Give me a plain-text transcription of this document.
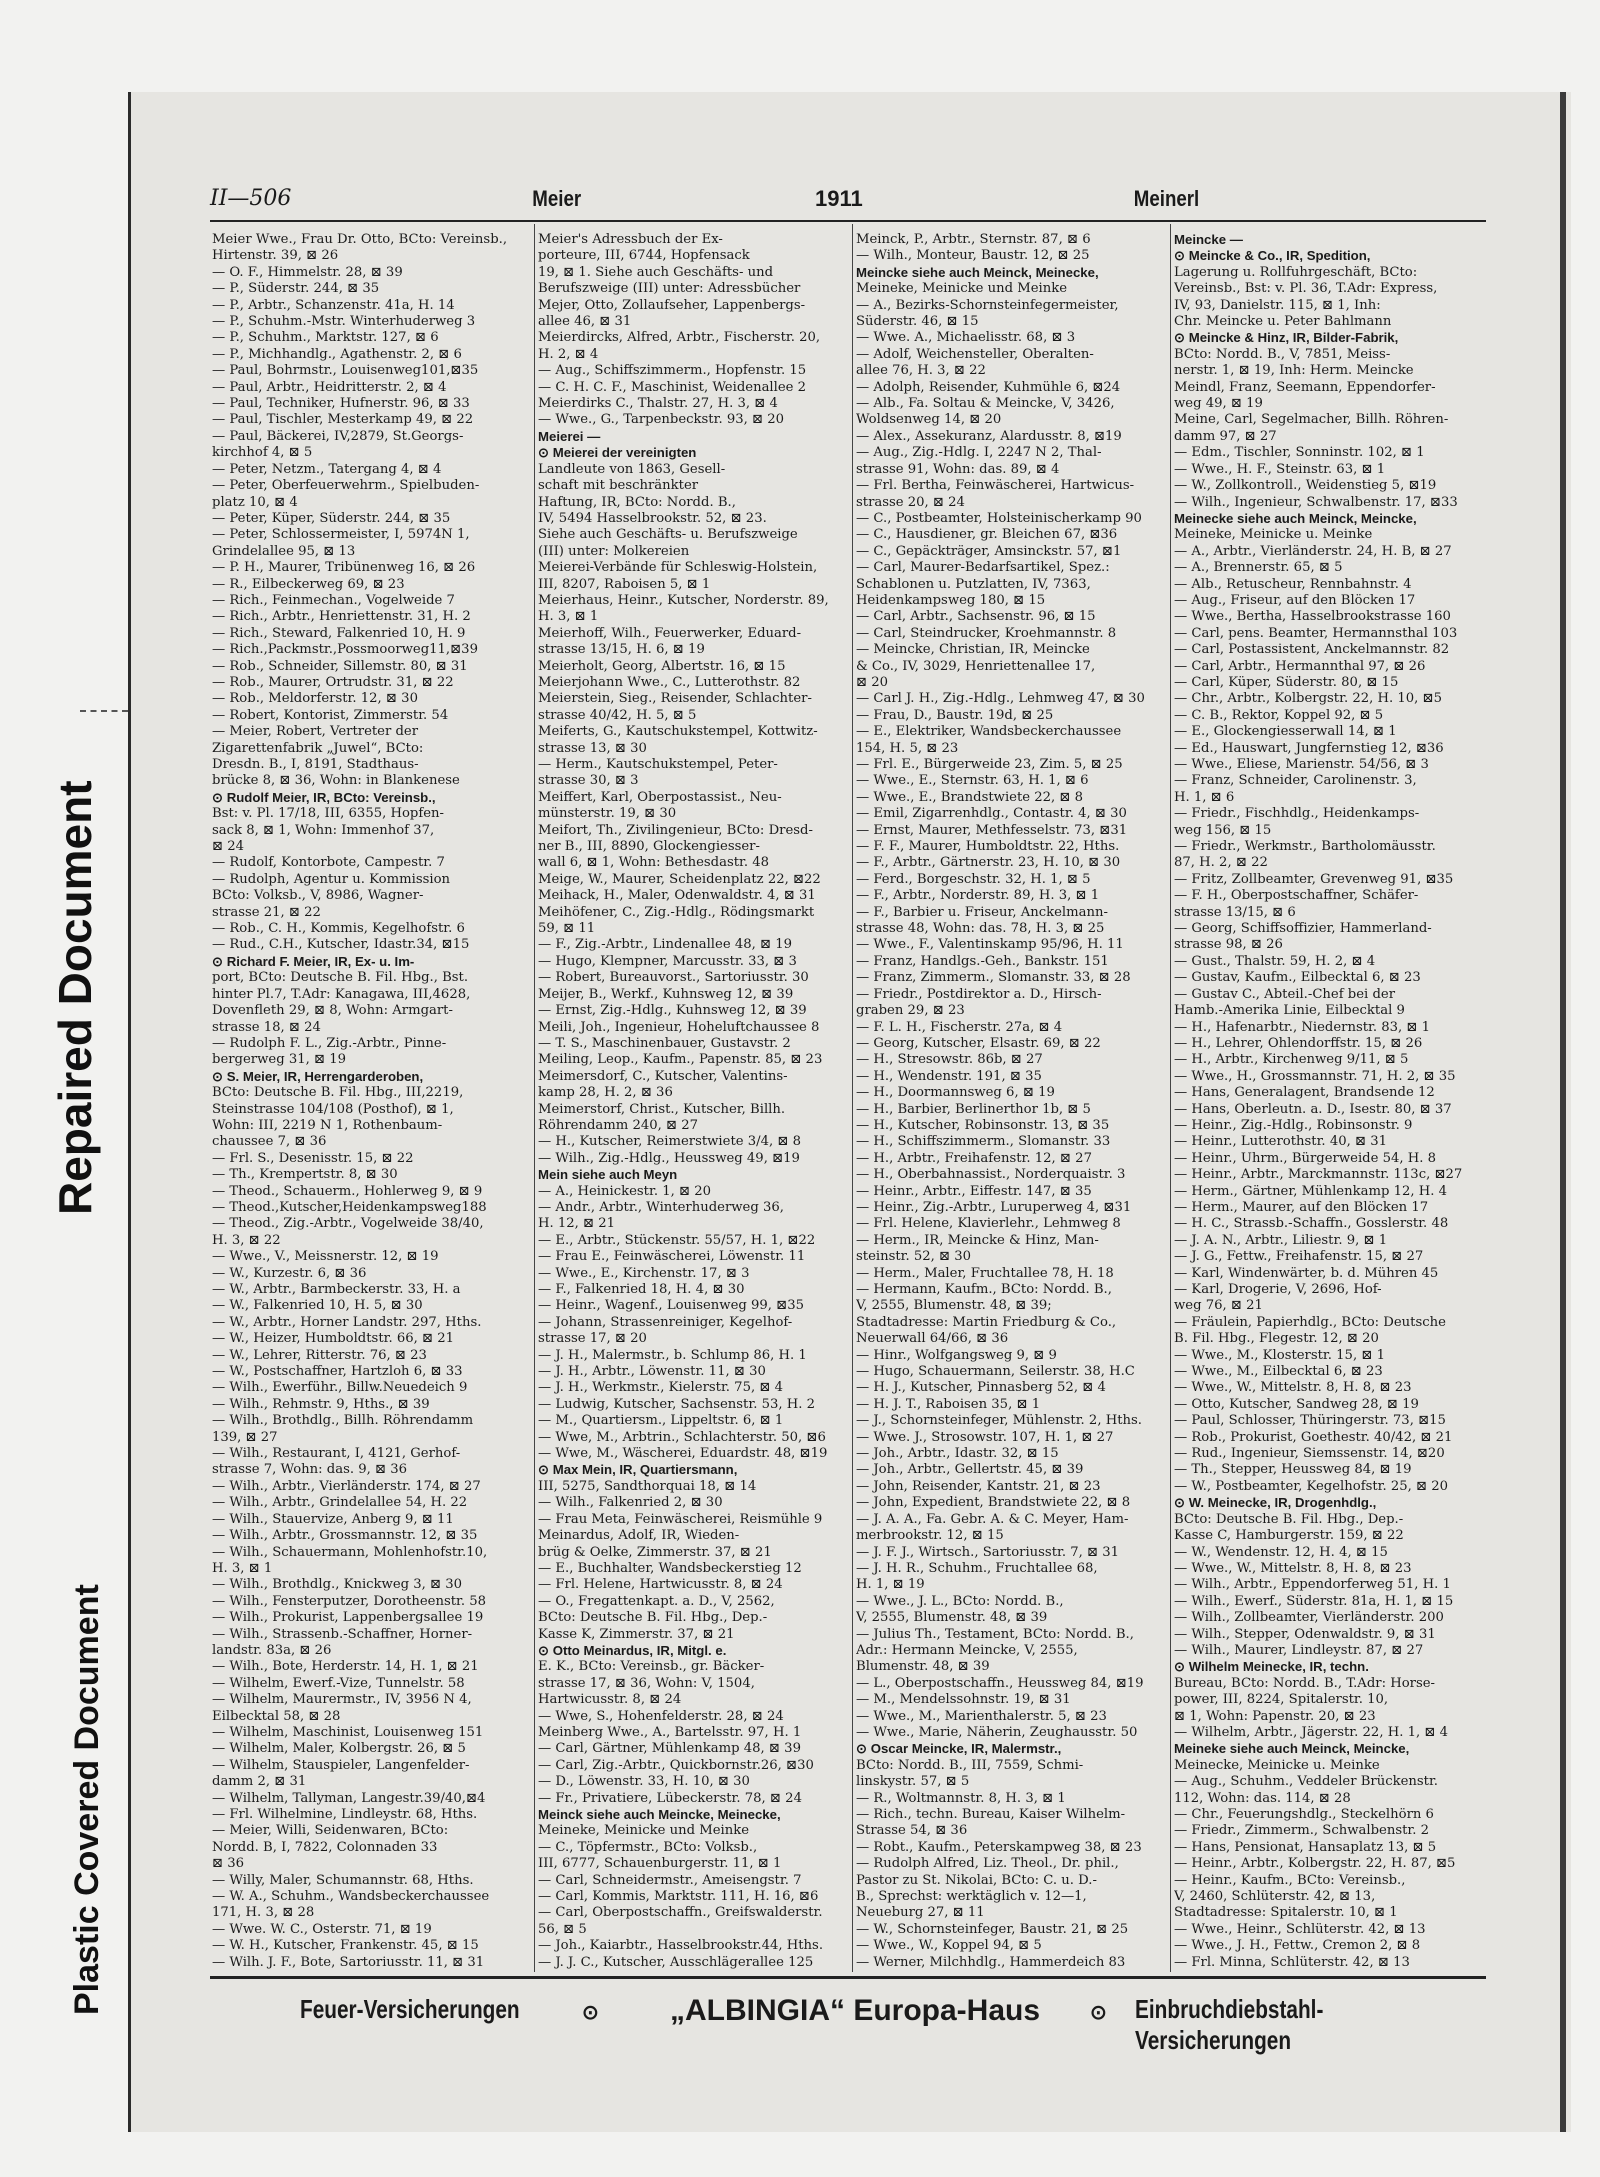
Repaired Document
Plastic Covered Document
II—506	Meier	1911	Meinerl
Meier Wwe., Frau Dr. Otto, BCto: Vereinsb.,
Hirtenstr. 39, ⊠ 26
— O. F., Himmelstr. 28, ⊠ 39
— P., Süderstr. 244, ⊠ 35
— P., Arbtr., Schanzenstr. 41a, H. 14
— P., Schuhm.-Mstr. Winterhuderweg 3
— P., Schuhm., Marktstr. 127, ⊠ 6
— P., Michhandlg., Agathenstr. 2, ⊠ 6
— Paul, Bohrmstr., Louisenweg101,⊠35
— Paul, Arbtr., Heidritterstr. 2, ⊠ 4
— Paul, Techniker, Hufnerstr. 96, ⊠ 33
— Paul, Tischler, Mesterkamp 49, ⊠ 22
— Paul, Bäckerei, IV,2879, St.Georgs-
kirchhof 4, ⊠ 5
— Peter, Netzm., Tatergang 4, ⊠ 4
— Peter, Oberfeuerwehrm., Spielbuden-
platz 10, ⊠ 4
— Peter, Küper, Süderstr. 244, ⊠ 35
— Peter, Schlossermeister, I, 5974N 1,
Grindelallee 95, ⊠ 13
— P. H., Maurer, Tribünenweg 16, ⊠ 26
— R., Eilbeckerweg 69, ⊠ 23
— Rich., Feinmechan., Vogelweide 7
— Rich., Arbtr., Henriettenstr. 31, H. 2
— Rich., Steward, Falkenried 10, H. 9
— Rich.,Packmstr.,Possmoorweg11,⊠39
— Rob., Schneider, Sillemstr. 80, ⊠ 31
— Rob., Maurer, Ortrudstr. 31, ⊠ 22
— Rob., Meldorferstr. 12, ⊠ 30
— Robert, Kontorist, Zimmerstr. 54
— Meier, Robert, Vertreter der
Zigarettenfabrik „Juwel“, BCto:
Dresdn. B., I, 8191, Stadthaus-
brücke 8, ⊠ 36, Wohn: in Blankenese
⊙ Rudolf Meier, IR, BCto: Vereinsb.,
Bst: v. Pl. 17/18, III, 6355, Hopfen-
sack 8, ⊠ 1, Wohn: Immenhof 37,
⊠ 24
— Rudolf, Kontorbote, Campestr. 7
— Rudolph, Agentur u. Kommission
BCto: Volksb., V, 8986, Wagner-
strasse 21, ⊠ 22
— Rob., C. H., Kommis, Kegelhofstr. 6
— Rud., C.H., Kutscher, Idastr.34, ⊠15
⊙ Richard F. Meier, IR, Ex- u. Im-
port, BCto: Deutsche B. Fil. Hbg., Bst.
hinter Pl.7, T.Adr: Kanagawa, III,4628,
Dovenfleth 29, ⊠ 8, Wohn: Armgart-
strasse 18, ⊠ 24
— Rudolph F. L., Zig.-Arbtr., Pinne-
bergerweg 31, ⊠ 19
⊙ S. Meier, IR, Herrengarderoben,
BCto: Deutsche B. Fil. Hbg., III,2219,
Steinstrasse 104/108 (Posthof), ⊠ 1,
Wohn: III, 2219 N 1, Rothenbaum-
chaussee 7, ⊠ 36
— Frl. S., Desenisstr. 15, ⊠ 22
— Th., Krempertstr. 8, ⊠ 30
— Theod., Schauerm., Hohlerweg 9, ⊠ 9
— Theod.,Kutscher,Heidenkampsweg188
— Theod., Zig.-Arbtr., Vogelweide 38/40,
H. 3, ⊠ 22
— Wwe., V., Meissnerstr. 12, ⊠ 19
— W., Kurzestr. 6, ⊠ 36
— W., Arbtr., Barmbeckerstr. 33, H. a
— W., Falkenried 10, H. 5, ⊠ 30
— W., Arbtr., Horner Landstr. 297, Hths.
— W., Heizer, Humboldtstr. 66, ⊠ 21
— W., Lehrer, Ritterstr. 76, ⊠ 23
— W., Postschaffner, Hartzloh 6, ⊠ 33
— Wilh., Ewerführ., Billw.Neuedeich 9
— Wilh., Rehmstr. 9, Hths., ⊠ 39
— Wilh., Brothdlg., Billh. Röhrendamm
139, ⊠ 27
— Wilh., Restaurant, I, 4121, Gerhof-
strasse 7, Wohn: das. 9, ⊠ 36
— Wilh., Arbtr., Vierländerstr. 174, ⊠ 27
— Wilh., Arbtr., Grindelallee 54, H. 22
— Wilh., Stauervize, Anberg 9, ⊠ 11
— Wilh., Arbtr., Grossmannstr. 12, ⊠ 35
— Wilh., Schauermann, Mohlenhofstr.10,
H. 3, ⊠ 1
— Wilh., Brothdlg., Knickweg 3, ⊠ 30
— Wilh., Fensterputzer, Dorotheenstr. 58
— Wilh., Prokurist, Lappenbergsallee 19
— Wilh., Strassenb.-Schaffner, Horner-
landstr. 83a, ⊠ 26
— Wilh., Bote, Herderstr. 14, H. 1, ⊠ 21
— Wilhelm, Ewerf.-Vize, Tunnelstr. 58
— Wilhelm, Maurermstr., IV, 3956 N 4,
Eilbecktal 58, ⊠ 28
— Wilhelm, Maschinist, Louisenweg 151
— Wilhelm, Maler, Kolbergstr. 26, ⊠ 5
— Wilhelm, Stauspieler, Langenfelder-
damm 2, ⊠ 31
— Wilhelm, Tallyman, Langestr.39/40,⊠4
— Frl. Wilhelmine, Lindleystr. 68, Hths.
— Meier, Willi, Seidenwaren, BCto:
Nordd. B, I, 7822, Colonnaden 33
⊠ 36
— Willy, Maler, Schumannstr. 68, Hths.
— W. A., Schuhm., Wandsbeckerchaussee
171, H. 3, ⊠ 28
— Wwe. W. C., Osterstr. 71, ⊠ 19
— W. H., Kutscher, Frankenstr. 45, ⊠ 15
— Wilh. J. F., Bote, Sartoriusstr. 11, ⊠ 31
Meier's Adressbuch der Ex-
porteure, III, 6744, Hopfensack
19, ⊠ 1. Siehe auch Geschäfts- und
Berufszweige (III) unter: Adressbücher
Mejer, Otto, Zollaufseher, Lappenbergs-
allee 46, ⊠ 31
Meierdircks, Alfred, Arbtr., Fischerstr. 20,
H. 2, ⊠ 4
— Aug., Schiffszimmerm., Hopfenstr. 15
— C. H. C. F., Maschinist, Weidenallee 2
Meierdirks C., Thalstr. 27, H. 3, ⊠ 4
— Wwe., G., Tarpenbeckstr. 93, ⊠ 20
Meierei —
⊙ Meierei der vereinigten
Landleute von 1863, Gesell-
schaft mit beschränkter
Haftung, IR, BCto: Nordd. B.,
IV, 5494 Hasselbrookstr. 52, ⊠ 23.
Siehe auch Geschäfts- u. Berufszweige
(III) unter: Molkereien
Meierei-Verbände für Schleswig-Holstein,
III, 8207, Raboisen 5, ⊠ 1
Meierhaus, Heinr., Kutscher, Norderstr. 89,
H. 3, ⊠ 1
Meierhoff, Wilh., Feuerwerker, Eduard-
strasse 13/15, H. 6, ⊠ 19
Meierholt, Georg, Albertstr. 16, ⊠ 15
Meierjohann Wwe., C., Lutterothstr. 82
Meierstein, Sieg., Reisender, Schlachter-
strasse 40/42, H. 5, ⊠ 5
Meiferts, G., Kautschukstempel, Kottwitz-
strasse 13, ⊠ 30
— Herm., Kautschukstempel, Peter-
strasse 30, ⊠ 3
Meiffert, Karl, Oberpostassist., Neu-
münsterstr. 19, ⊠ 30
Meifort, Th., Zivilingenieur, BCto: Dresd-
ner B., III, 8890, Glockengiesser-
wall 6, ⊠ 1, Wohn: Bethesdastr. 48
Meige, W., Maurer, Scheidenplatz 22, ⊠22
Meihack, H., Maler, Odenwaldstr. 4, ⊠ 31
Meihöfener, C., Zig.-Hdlg., Rödingsmarkt
59, ⊠ 11
— F., Zig.-Arbtr., Lindenallee 48, ⊠ 19
— Hugo, Klempner, Marcusstr. 33, ⊠ 3
— Robert, Bureauvorst., Sartoriusstr. 30
Meijer, B., Werkf., Kuhnsweg 12, ⊠ 39
— Ernst, Zig.-Hdlg., Kuhnsweg 12, ⊠ 39
Meili, Joh., Ingenieur, Hoheluftchaussee 8
— T. S., Maschinenbauer, Gustavstr. 2
Meiling, Leop., Kaufm., Papenstr. 85, ⊠ 23
Meimersdorf, C., Kutscher, Valentins-
kamp 28, H. 2, ⊠ 36
Meimerstorf, Christ., Kutscher, Billh.
Röhrendamm 240, ⊠ 27
— H., Kutscher, Reimerstwiete 3/4, ⊠ 8
— Wilh., Zig.-Hdlg., Heussweg 49, ⊠19
Mein siehe auch Meyn
— A., Heinickestr. 1, ⊠ 20
— Andr., Arbtr., Winterhuderweg 36,
H. 12, ⊠ 21
— E., Arbtr., Stückenstr. 55/57, H. 1, ⊠22
— Frau E., Feinwäscherei, Löwenstr. 11
— Wwe., E., Kirchenstr. 17, ⊠ 3
— F., Falkenried 18, H. 4, ⊠ 30
— Heinr., Wagenf., Louisenweg 99, ⊠35
— Johann, Strassenreiniger, Kegelhof-
strasse 17, ⊠ 20
— J. H., Malermstr., b. Schlump 86, H. 1
— J. H., Arbtr., Löwenstr. 11, ⊠ 30
— J. H., Werkmstr., Kielerstr. 75, ⊠ 4
— Ludwig, Kutscher, Sachsenstr. 53, H. 2
— M., Quartiersm., Lippeltstr. 6, ⊠ 1
— Wwe, M., Arbtrin., Schlachterstr. 50, ⊠6
— Wwe, M., Wäscherei, Eduardstr. 48, ⊠19
⊙ Max Mein, IR, Quartiersmann,
III, 5275, Sandthorquai 18, ⊠ 14
— Wilh., Falkenried 2, ⊠ 30
— Frau Meta, Feinwäscherei, Reismühle 9
Meinardus, Adolf, IR, Wieden-
brüg & Oelke, Zimmerstr. 37, ⊠ 21
— E., Buchhalter, Wandsbeckerstieg 12
— Frl. Helene, Hartwicusstr. 8, ⊠ 24
— O., Fregattenkapt. a. D., V, 2562,
BCto: Deutsche B. Fil. Hbg., Dep.-
Kasse K, Zimmerstr. 37, ⊠ 21
⊙ Otto Meinardus, IR, Mitgl. e.
E. K., BCto: Vereinsb., gr. Bäcker-
strasse 17, ⊠ 36, Wohn: V, 1504,
Hartwicusstr. 8, ⊠ 24
— Wwe, S., Hohenfelderstr. 28, ⊠ 24
Meinberg Wwe., A., Bartelsstr. 97, H. 1
— Carl, Gärtner, Mühlenkamp 48, ⊠ 39
— Carl, Zig.-Arbtr., Quickbornstr.26, ⊠30
— D., Löwenstr. 33, H. 10, ⊠ 30
— Fr., Privatiere, Lübeckerstr. 78, ⊠ 24
Meinck siehe auch Meincke, Meinecke,
Meineke, Meinicke und Meinke
— C., Töpfermstr., BCto: Volksb.,
III, 6777, Schauenburgerstr. 11, ⊠ 1
— Carl, Schneidermstr., Ameisengstr. 7
— Carl, Kommis, Marktstr. 111, H. 16, ⊠6
— Carl, Oberpostschaffn., Greifswalderstr.
56, ⊠ 5
— Joh., Kaiarbtr., Hasselbrookstr.44, Hths.
— J. J. C., Kutscher, Ausschlägerallee 125
Meinck, P., Arbtr., Sternstr. 87, ⊠ 6
— Wilh., Monteur, Baustr. 12, ⊠ 25
Meincke siehe auch Meinck, Meinecke,
Meineke, Meinicke und Meinke
— A., Bezirks-Schornsteinfegermeister,
Süderstr. 46, ⊠ 15
— Wwe. A., Michaelisstr. 68, ⊠ 3
— Adolf, Weichensteller, Oberalten-
allee 76, H. 3, ⊠ 22
— Adolph, Reisender, Kuhmühle 6, ⊠24
— Alb., Fa. Soltau & Meincke, V, 3426,
Woldsenweg 14, ⊠ 20
— Alex., Assekuranz, Alardusstr. 8, ⊠19
— Aug., Zig.-Hdlg. I, 2247 N 2, Thal-
strasse 91, Wohn: das. 89, ⊠ 4
— Frl. Bertha, Feinwäscherei, Hartwicus-
strasse 20, ⊠ 24
— C., Postbeamter, Holsteinischerkamp 90
— C., Hausdiener, gr. Bleichen 67, ⊠36
— C., Gepäckträger, Amsinckstr. 57, ⊠1
— Carl, Maurer-Bedarfsartikel, Spez.:
Schablonen u. Putzlatten, IV, 7363,
Heidenkampsweg 180, ⊠ 15
— Carl, Arbtr., Sachsenstr. 96, ⊠ 15
— Carl, Steindrucker, Kroehmannstr. 8
— Meincke, Christian, IR, Meincke
& Co., IV, 3029, Henriettenallee 17,
⊠ 20
— Carl J. H., Zig.-Hdlg., Lehmweg 47, ⊠ 30
— Frau, D., Baustr. 19d, ⊠ 25
— E., Elektriker, Wandsbeckerchaussee
154, H. 5, ⊠ 23
— Frl. E., Bürgerweide 23, Zim. 5, ⊠ 25
— Wwe., E., Sternstr. 63, H. 1, ⊠ 6
— Wwe., E., Brandstwiete 22, ⊠ 8
— Emil, Zigarrenhdlg., Contastr. 4, ⊠ 30
— Ernst, Maurer, Methfesselstr. 73, ⊠31
— F. F., Maurer, Humboldtstr. 22, Hths.
— F., Arbtr., Gärtnerstr. 23, H. 10, ⊠ 30
— Ferd., Borgeschstr. 32, H. 1, ⊠ 5
— F., Arbtr., Norderstr. 89, H. 3, ⊠ 1
— F., Barbier u. Friseur, Anckelmann-
strasse 48, Wohn: das. 78, H. 3, ⊠ 25
— Wwe., F., Valentinskamp 95/96, H. 11
— Franz, Handlgs.-Geh., Bankstr. 151
— Franz, Zimmerm., Slomanstr. 33, ⊠ 28
— Friedr., Postdirektor a. D., Hirsch-
graben 29, ⊠ 23
— F. L. H., Fischerstr. 27a, ⊠ 4
— Georg, Kutscher, Elsastr. 69, ⊠ 22
— H., Stresowstr. 86b, ⊠ 27
— H., Wendenstr. 191, ⊠ 35
— H., Doormannsweg 6, ⊠ 19
— H., Barbier, Berlinerthor 1b, ⊠ 5
— H., Kutscher, Robinsonstr. 13, ⊠ 35
— H., Schiffszimmerm., Slomanstr. 33
— H., Arbtr., Freihafenstr. 12, ⊠ 27
— H., Oberbahnassist., Norderquaistr. 3
— Heinr., Arbtr., Eiffestr. 147, ⊠ 35
— Heinr., Zig.-Arbtr., Luruperweg 4, ⊠31
— Frl. Helene, Klavierlehr., Lehmweg 8
— Herm., IR, Meincke & Hinz, Man-
steinstr. 52, ⊠ 30
— Herm., Maler, Fruchtallee 78, H. 18
— Hermann, Kaufm., BCto: Nordd. B.,
V, 2555, Blumenstr. 48, ⊠ 39;
Stadtadresse: Martin Friedburg & Co.,
Neuerwall 64/66, ⊠ 36
— Hinr., Wolfgangsweg 9, ⊠ 9
— Hugo, Schauermann, Seilerstr. 38, H.C
— H. J., Kutscher, Pinnasberg 52, ⊠ 4
— H. J. T., Raboisen 35, ⊠ 1
— J., Schornsteinfeger, Mühlenstr. 2, Hths.
— Wwe. J., Strosowstr. 107, H. 1, ⊠ 27
— Joh., Arbtr., Idastr. 32, ⊠ 15
— Joh., Arbtr., Gellertstr. 45, ⊠ 39
— John, Reisender, Kantstr. 21, ⊠ 23
— John, Expedient, Brandstwiete 22, ⊠ 8
— J. A. A., Fa. Gebr. A. & C. Meyer, Ham-
merbrookstr. 12, ⊠ 15
— J. F. J., Wirtsch., Sartoriusstr. 7, ⊠ 31
— J. H. R., Schuhm., Fruchtallee 68,
H. 1, ⊠ 19
— Wwe., J. L., BCto: Nordd. B.,
V, 2555, Blumenstr. 48, ⊠ 39
— Julius Th., Testament, BCto: Nordd. B.,
Adr.: Hermann Meincke, V, 2555,
Blumenstr. 48, ⊠ 39
— L., Oberpostschaffn., Heussweg 84, ⊠19
— M., Mendelssohnstr. 19, ⊠ 31
— Wwe., M., Marienthalerstr. 5, ⊠ 23
— Wwe., Marie, Näherin, Zeughausstr. 50
⊙ Oscar Meincke, IR, Malermstr.,
BCto: Nordd. B., III, 7559, Schmi-
linskystr. 57, ⊠ 5
— R., Woltmannstr. 8, H. 3, ⊠ 1
— Rich., techn. Bureau, Kaiser Wilhelm-
Strasse 54, ⊠ 36
— Robt., Kaufm., Peterskampweg 38, ⊠ 23
— Rudolph Alfred, Liz. Theol., Dr. phil.,
Pastor zu St. Nikolai, BCto: C. u. D.-
B., Sprechst: werktäglich v. 12—1,
Neueburg 27, ⊠ 11
— W., Schornsteinfeger, Baustr. 21, ⊠ 25
— Wwe., W., Koppel 94, ⊠ 5
— Werner, Milchhdlg., Hammerdeich 83
Meincke —
⊙ Meincke & Co., IR, Spedition,
Lagerung u. Rollfuhrgeschäft, BCto:
Vereinsb., Bst: v. Pl. 36, T.Adr: Express,
IV, 93, Danielstr. 115, ⊠ 1, Inh:
Chr. Meincke u. Peter Bahlmann
⊙ Meincke & Hinz, IR, Bilder-Fabrik,
BCto: Nordd. B., V, 7851, Meiss-
nerstr. 1, ⊠ 19, Inh: Herm. Meincke
Meindl, Franz, Seemann, Eppendorfer-
weg 49, ⊠ 19
Meine, Carl, Segelmacher, Billh. Röhren-
damm 97, ⊠ 27
— Edm., Tischler, Sonninstr. 102, ⊠ 1
— Wwe., H. F., Steinstr. 63, ⊠ 1
— W., Zollkontroll., Weidenstieg 5, ⊠19
— Wilh., Ingenieur, Schwalbenstr. 17, ⊠33
Meinecke siehe auch Meinck, Meincke,
Meineke, Meinicke u. Meinke
— A., Arbtr., Vierländerstr. 24, H. B, ⊠ 27
— A., Brennerstr. 65, ⊠ 5
— Alb., Retuscheur, Rennbahnstr. 4
— Aug., Friseur, auf den Blöcken 17
— Wwe., Bertha, Hasselbrookstrasse 160
— Carl, pens. Beamter, Hermannsthal 103
— Carl, Postassistent, Anckelmannstr. 82
— Carl, Arbtr., Hermannthal 97, ⊠ 26
— Carl, Küper, Süderstr. 80, ⊠ 15
— Chr., Arbtr., Kolbergstr. 22, H. 10, ⊠5
— C. B., Rektor, Koppel 92, ⊠ 5
— E., Glockengiesserwall 14, ⊠ 1
— Ed., Hauswart, Jungfernstieg 12, ⊠36
— Wwe., Eliese, Marienstr. 54/56, ⊠ 3
— Franz, Schneider, Carolinenstr. 3,
H. 1, ⊠ 6
— Friedr., Fischhdlg., Heidenkamps-
weg 156, ⊠ 15
— Friedr., Werkmstr., Bartholomäusstr.
87, H. 2, ⊠ 22
— Fritz, Zollbeamter, Grevenweg 91, ⊠35
— F. H., Oberpostschaffner, Schäfer-
strasse 13/15, ⊠ 6
— Georg, Schiffsoffizier, Hammerland-
strasse 98, ⊠ 26
— Gust., Thalstr. 59, H. 2, ⊠ 4
— Gustav, Kaufm., Eilbecktal 6, ⊠ 23
— Gustav C., Abteil.-Chef bei der
Hamb.-Amerika Linie, Eilbecktal 9
— H., Hafenarbtr., Niedernstr. 83, ⊠ 1
— H., Lehrer, Ohlendorffstr. 15, ⊠ 26
— H., Arbtr., Kirchenweg 9/11, ⊠ 5
— Wwe., H., Grossmannstr. 71, H. 2, ⊠ 35
— Hans, Generalagent, Brandsende 12
— Hans, Oberleutn. a. D., Isestr. 80, ⊠ 37
— Heinr., Zig.-Hdlg., Robinsonstr. 9
— Heinr., Lutterothstr. 40, ⊠ 31
— Heinr., Uhrm., Bürgerweide 54, H. 8
— Heinr., Arbtr., Marckmannstr. 113c, ⊠27
— Herm., Gärtner, Mühlenkamp 12, H. 4
— Herm., Maurer, auf den Blöcken 17
— H. C., Strassb.-Schaffn., Gosslerstr. 48
— J. A. N., Arbtr., Liliestr. 9, ⊠ 1
— J. G., Fettw., Freihafenstr. 15, ⊠ 27
— Karl, Windenwärter, b. d. Mühren 45
— Karl, Drogerie, V, 2696, Hof-
weg 76, ⊠ 21
— Fräulein, Papierhdlg., BCto: Deutsche
B. Fil. Hbg., Flegestr. 12, ⊠ 20
— Wwe., M., Klosterstr. 15, ⊠ 1
— Wwe., M., Eilbecktal 6, ⊠ 23
— Wwe., W., Mittelstr. 8, H. 8, ⊠ 23
— Otto, Kutscher, Sandweg 28, ⊠ 19
— Paul, Schlosser, Thüringerstr. 73, ⊠15
— Rob., Prokurist, Goethestr. 40/42, ⊠ 21
— Rud., Ingenieur, Siemssenstr. 14, ⊠20
— Th., Stepper, Heussweg 84, ⊠ 19
— W., Postbeamter, Kegelhofstr. 25, ⊠ 20
⊙ W. Meinecke, IR, Drogenhdlg.,
BCto: Deutsche B. Fil. Hbg., Dep.-
Kasse C, Hamburgerstr. 159, ⊠ 22
— W., Wendenstr. 12, H. 4, ⊠ 15
— Wwe., W., Mittelstr. 8, H. 8, ⊠ 23
— Wilh., Arbtr., Eppendorferweg 51, H. 1
— Wilh., Ewerf., Süderstr. 81a, H. 1, ⊠ 15
— Wilh., Zollbeamter, Vierländerstr. 200
— Wilh., Stepper, Odenwaldstr. 9, ⊠ 31
— Wilh., Maurer, Lindleystr. 87, ⊠ 27
⊙ Wilhelm Meinecke, IR, techn.
Bureau, BCto: Nordd. B., T.Adr: Horse-
power, III, 8224, Spitalerstr. 10,
⊠ 1, Wohn: Papenstr. 20, ⊠ 23
— Wilhelm, Arbtr., Jägerstr. 22, H. 1, ⊠ 4
Meineke siehe auch Meinck, Meincke,
Meinecke, Meinicke u. Meinke
— Aug., Schuhm., Veddeler Brückenstr.
112, Wohn: das. 114, ⊠ 28
— Chr., Feuerungshdlg., Steckelhörn 6
— Friedr., Zimmerm., Schwalbenstr. 2
— Hans, Pensionat, Hansaplatz 13, ⊠ 5
— Heinr., Arbtr., Kolbergstr. 22, H. 87, ⊠5
— Heinr., Kaufm., BCto: Vereinsb.,
V, 2460, Schlüterstr. 42, ⊠ 13,
Stadtadresse: Spitalerstr. 10, ⊠ 1
— Wwe., Heinr., Schlüterstr. 42, ⊠ 13
— Wwe., J. H., Fettw., Cremon 2, ⊠ 8
— Frl. Minna, Schlüterstr. 42, ⊠ 13
Feuer-Versicherungen	⊙ „ALBINGIA“ Europa-Haus ⊙ Einbruchdiebstahl-Versicherungen
